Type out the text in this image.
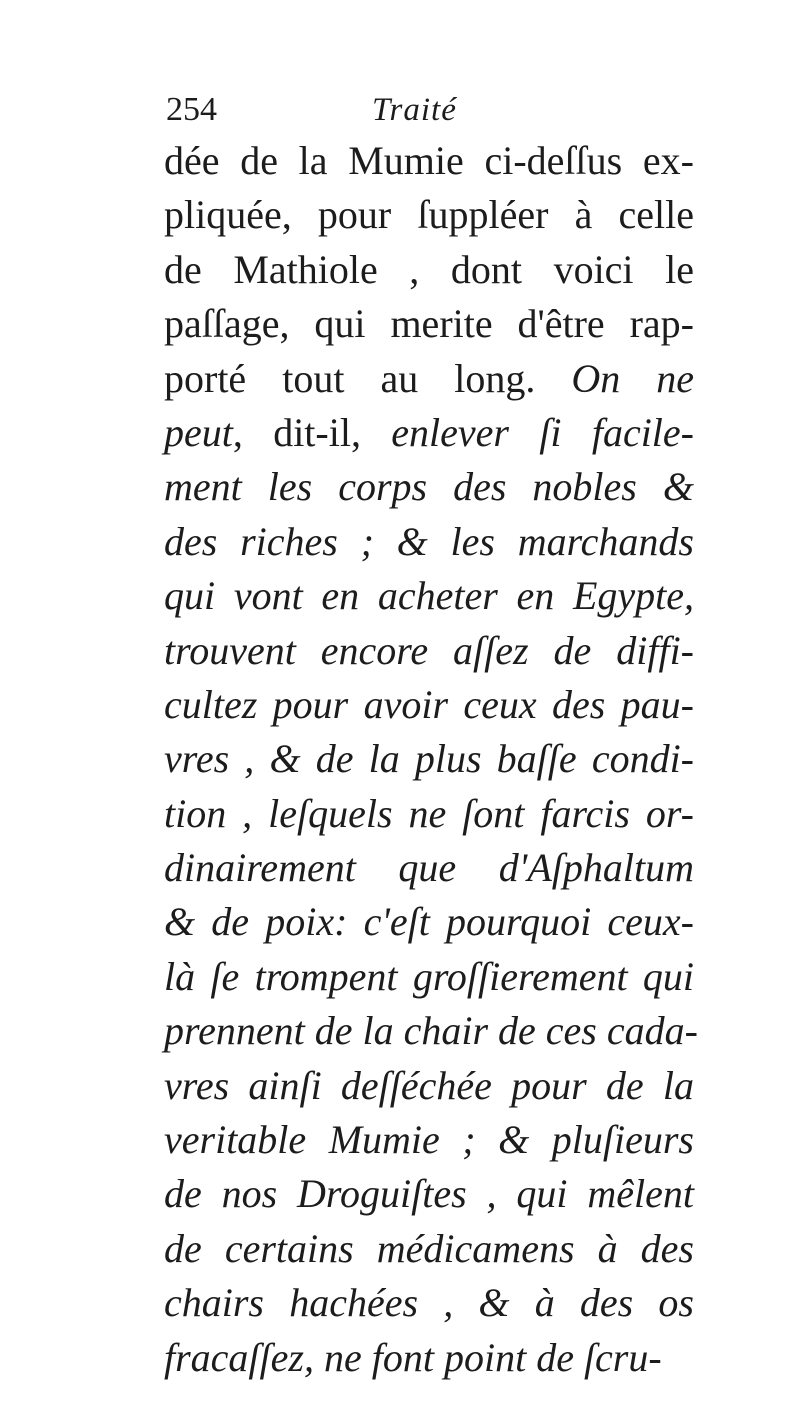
254	Traité
dée de la Mumie ci-deſſus ex-
pliquée, pour ſuppléer à celle
de Mathiole , dont voici le
paſſage, qui merite d'être rap-
porté tout au long. On ne
peut, dit-il, enlever ſi facile-
ment les corps des nobles &
des riches ; & les marchands
qui vont en acheter en Egypte,
trouvent encore aſſez de diffi-
cultez pour avoir ceux des pau-
vres , & de la plus baſſe condi-
tion , leſquels ne ſont farcis or-
dinairement que d'Aſphaltum
& de poix: c'eſt pourquoi ceux-
là ſe trompent groſſierement qui
prennent de la chair de ces cada-
vres ainſi deſſéchée pour de la
veritable Mumie ; & pluſieurs
de nos Droguiſtes , qui mêlent
de certains médicamens à des
chairs hachées , & à des os
fracaſſez, ne font point de ſcru-
